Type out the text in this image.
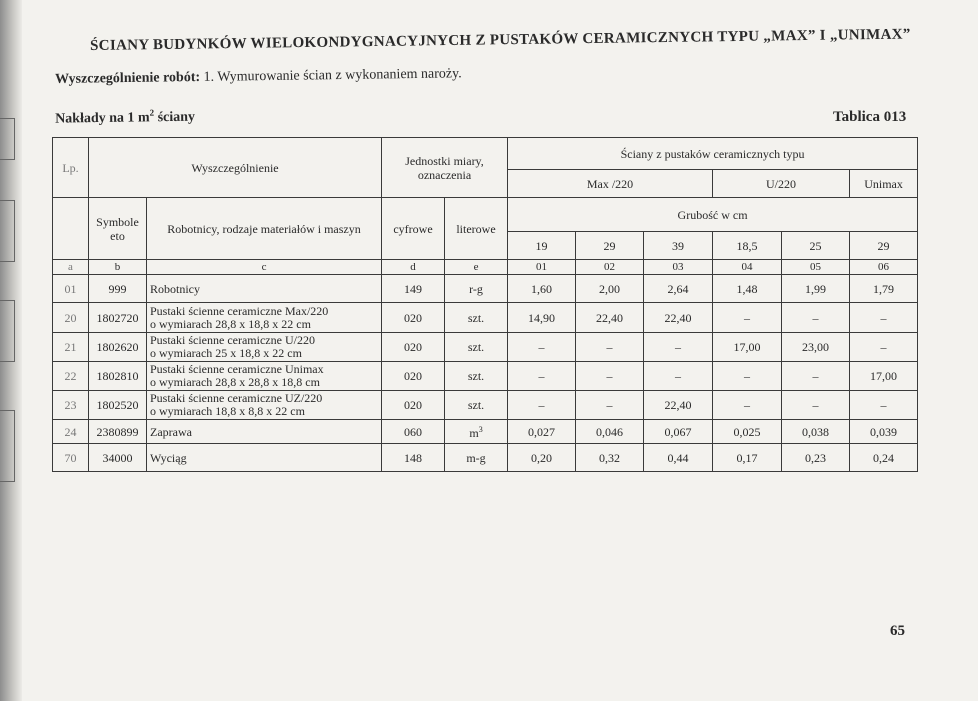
ŚCIANY BUDYNKÓW WIELOKONDYGNACYJNYCH Z PUSTAKÓW CERAMICZNYCH TYPU „MAX” I „UNIMAX”
Wyszczególnienie robót: 1. Wymurowanie ścian z wykonaniem naroży.
Nakłady na 1 $m^2$ ściany	Tablica 013
Lp.	Wyszczególnienie		Jednostki miary, oznaczenia		Ściany z pustaków ceramicznych typu					
					Max /220			U/220		Unimax
	Symbole eto	Robotnicy, rodzaje materiałów i maszyn	cyfrowe	literowe	Grubość w cm					
					19	29	39	18,5	25	29
a	b	c	d	e	01	02	03	04	05	06
01	999	Robotnicy	149	r-g	1,60	2,00	2,64	1,48	1,99	1,79
20	1802720	Pustaki ścienne ceramiczne Max/220
o wymiarach 28,8 x 18,8 x 22 cm	020	szt.	14,90	22,40	22,40	–	–	–
21	1802620	Pustaki ścienne ceramiczne U/220
o wymiarach 25 x 18,8 x 22 cm	020	szt.	–	–	–	17,00	23,00	–
22	1802810	Pustaki ścienne ceramiczne Unimax
o wymiarach 28,8 x 28,8 x 18,8 cm	020	szt.	–	–	–	–	–	17,00
23	1802520	Pustaki ścienne ceramiczne UZ/220
o wymiarach 18,8 x 8,8 x 22 cm	020	szt.	–	–	22,40	–	–	–
24	2380899	Zaprawa	060	$m^3$	0,027	0,046	0,067	0,025	0,038	0,039
70	34000	Wyciąg	148	m-g	0,20	0,32	0,44	0,17	0,23	0,24
65
